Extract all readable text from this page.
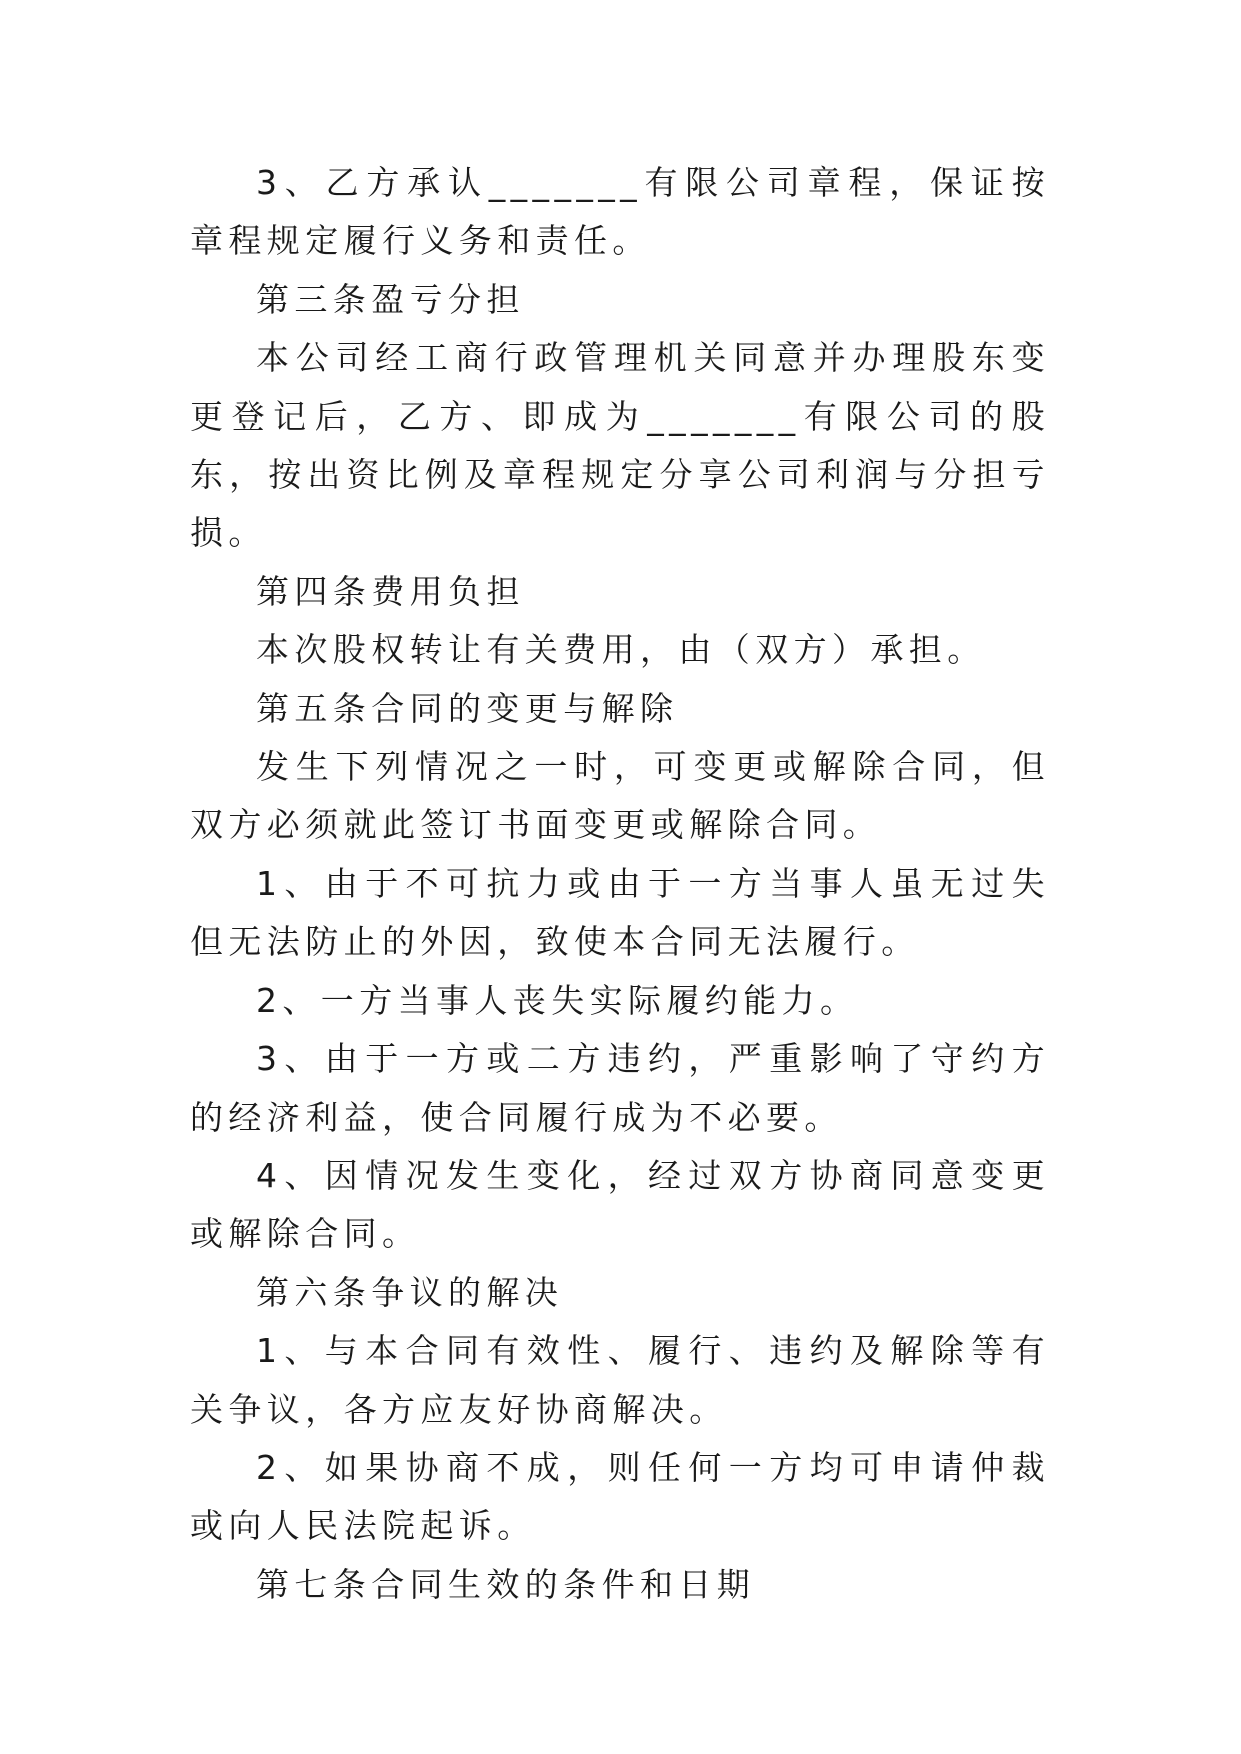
3、乙方承认_______有限公司章程，保证按章程规定履行义务和责任。

第三条盈亏分担

本公司经工商行政管理机关同意并办理股东变更登记后，乙方、即成为_______有限公司的股东，按出资比例及章程规定分享公司利润与分担亏损。

第四条费用负担

本次股权转让有关费用，由（双方）承担。

第五条合同的变更与解除

发生下列情况之一时，可变更或解除合同，但双方必须就此签订书面变更或解除合同。

1、由于不可抗力或由于一方当事人虽无过失但无法防止的外因，致使本合同无法履行。

2、一方当事人丧失实际履约能力。

3、由于一方或二方违约，严重影响了守约方的经济利益，使合同履行成为不必要。

4、因情况发生变化，经过双方协商同意变更或解除合同。

第六条争议的解决

1、与本合同有效性、履行、违约及解除等有关争议，各方应友好协商解决。

2、如果协商不成，则任何一方均可申请仲裁或向人民法院起诉。

第七条合同生效的条件和日期
